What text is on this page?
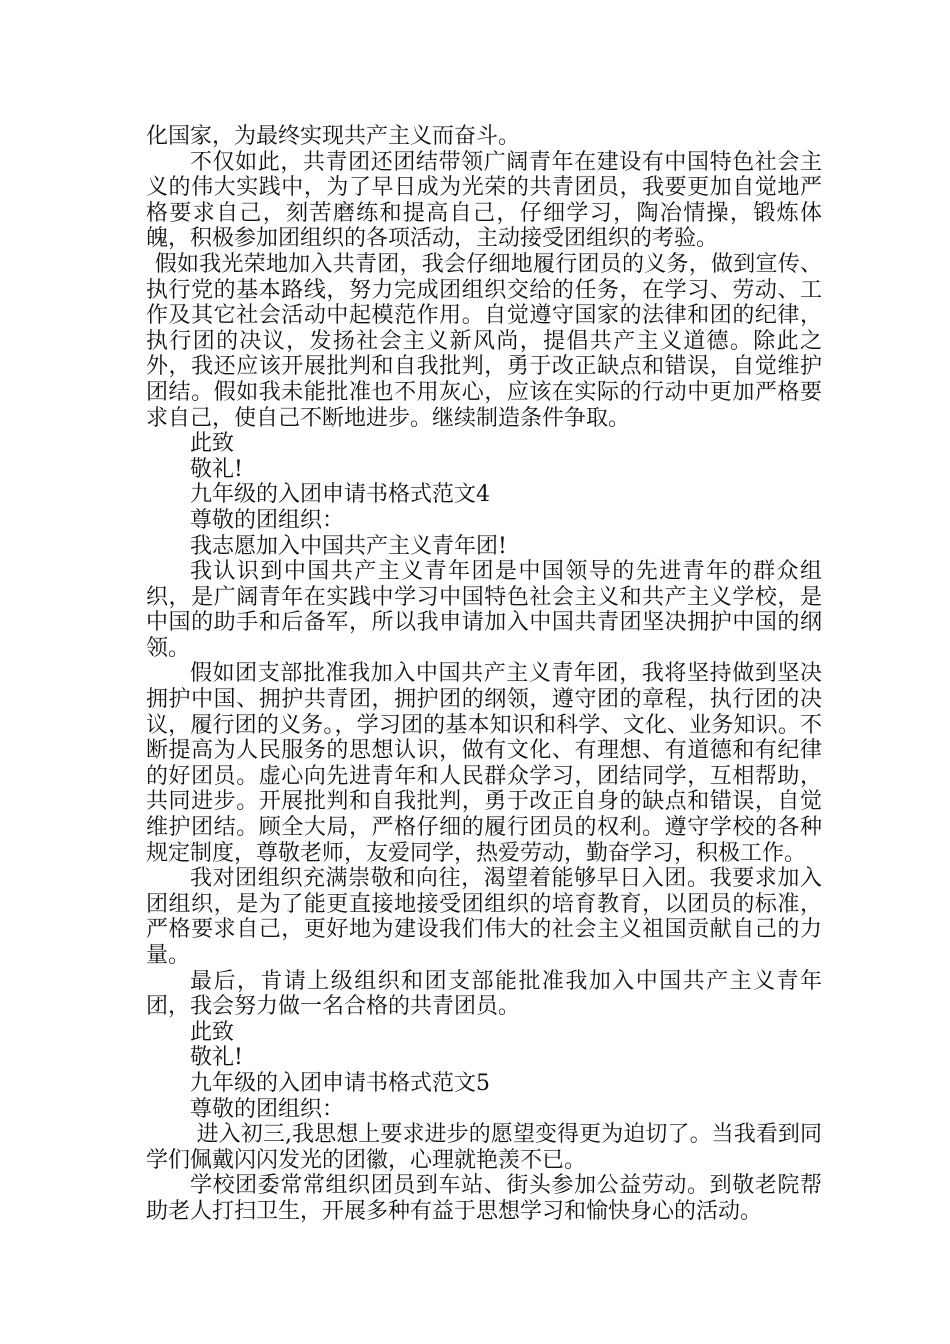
化国家，为最终实现共产主义而奋斗。

不仅如此，共青团还团结带领广阔青年在建设有中国特色社会主义的伟大实践中，为了早日成为光荣的共青团员，我要更加自觉地严格要求自己，刻苦磨练和提高自己，仔细学习，陶冶情操，锻炼体魄，积极参加团组织的各项活动，主动接受团组织的考验。

假如我光荣地加入共青团，我会仔细地履行团员的义务，做到宣传、执行党的基本路线，努力完成团组织交给的任务，在学习、劳动、工作及其它社会活动中起模范作用。自觉遵守国家的法律和团的纪律，执行团的决议，发扬社会主义新风尚，提倡共产主义道德。除此之外，我还应该开展批判和自我批判，勇于改正缺点和错误，自觉维护团结。假如我未能批准也不用灰心，应该在实际的行动中更加严格要求自己，使自己不断地进步。继续制造条件争取。

此致

敬礼!

九年级的入团申请书格式范文4

尊敬的团组织：

我志愿加入中国共产主义青年团!

我认识到中国共产主义青年团是中国领导的先进青年的群众组织，是广阔青年在实践中学习中国特色社会主义和共产主义学校，是中国的助手和后备军，所以我申请加入中国共青团坚决拥护中国的纲领。

假如团支部批准我加入中国共产主义青年团，我将坚持做到坚决拥护中国、拥护共青团，拥护团的纲领，遵守团的章程，执行团的决议，履行团的义务。，学习团的基本知识和科学、文化、业务知识。不断提高为人民服务的思想认识，做有文化、有理想、有道德和有纪律的好团员。虚心向先进青年和人民群众学习，团结同学，互相帮助，共同进步。开展批判和自我批判，勇于改正自身的缺点和错误，自觉维护团结。顾全大局，严格仔细的履行团员的权利。遵守学校的各种规定制度，尊敬老师，友爱同学，热爱劳动，勤奋学习，积极工作。

我对团组织充满崇敬和向往，渴望着能够早日入团。我要求加入团组织，是为了能更直接地接受团组织的培育教育，以团员的标准，严格要求自己，更好地为建设我们伟大的社会主义祖国贡献自己的力量。

最后，肯请上级组织和团支部能批准我加入中国共产主义青年团，我会努力做一名合格的共青团员。

此致

敬礼!

九年级的入团申请书格式范文5

尊敬的团组织：

进入初三,我思想上要求进步的愿望变得更为迫切了。当我看到同学们佩戴闪闪发光的团徽，心理就艳羡不已。

学校团委常常组织团员到车站、街头参加公益劳动。到敬老院帮助老人打扫卫生，开展多种有益于思想学习和愉快身心的活动。
